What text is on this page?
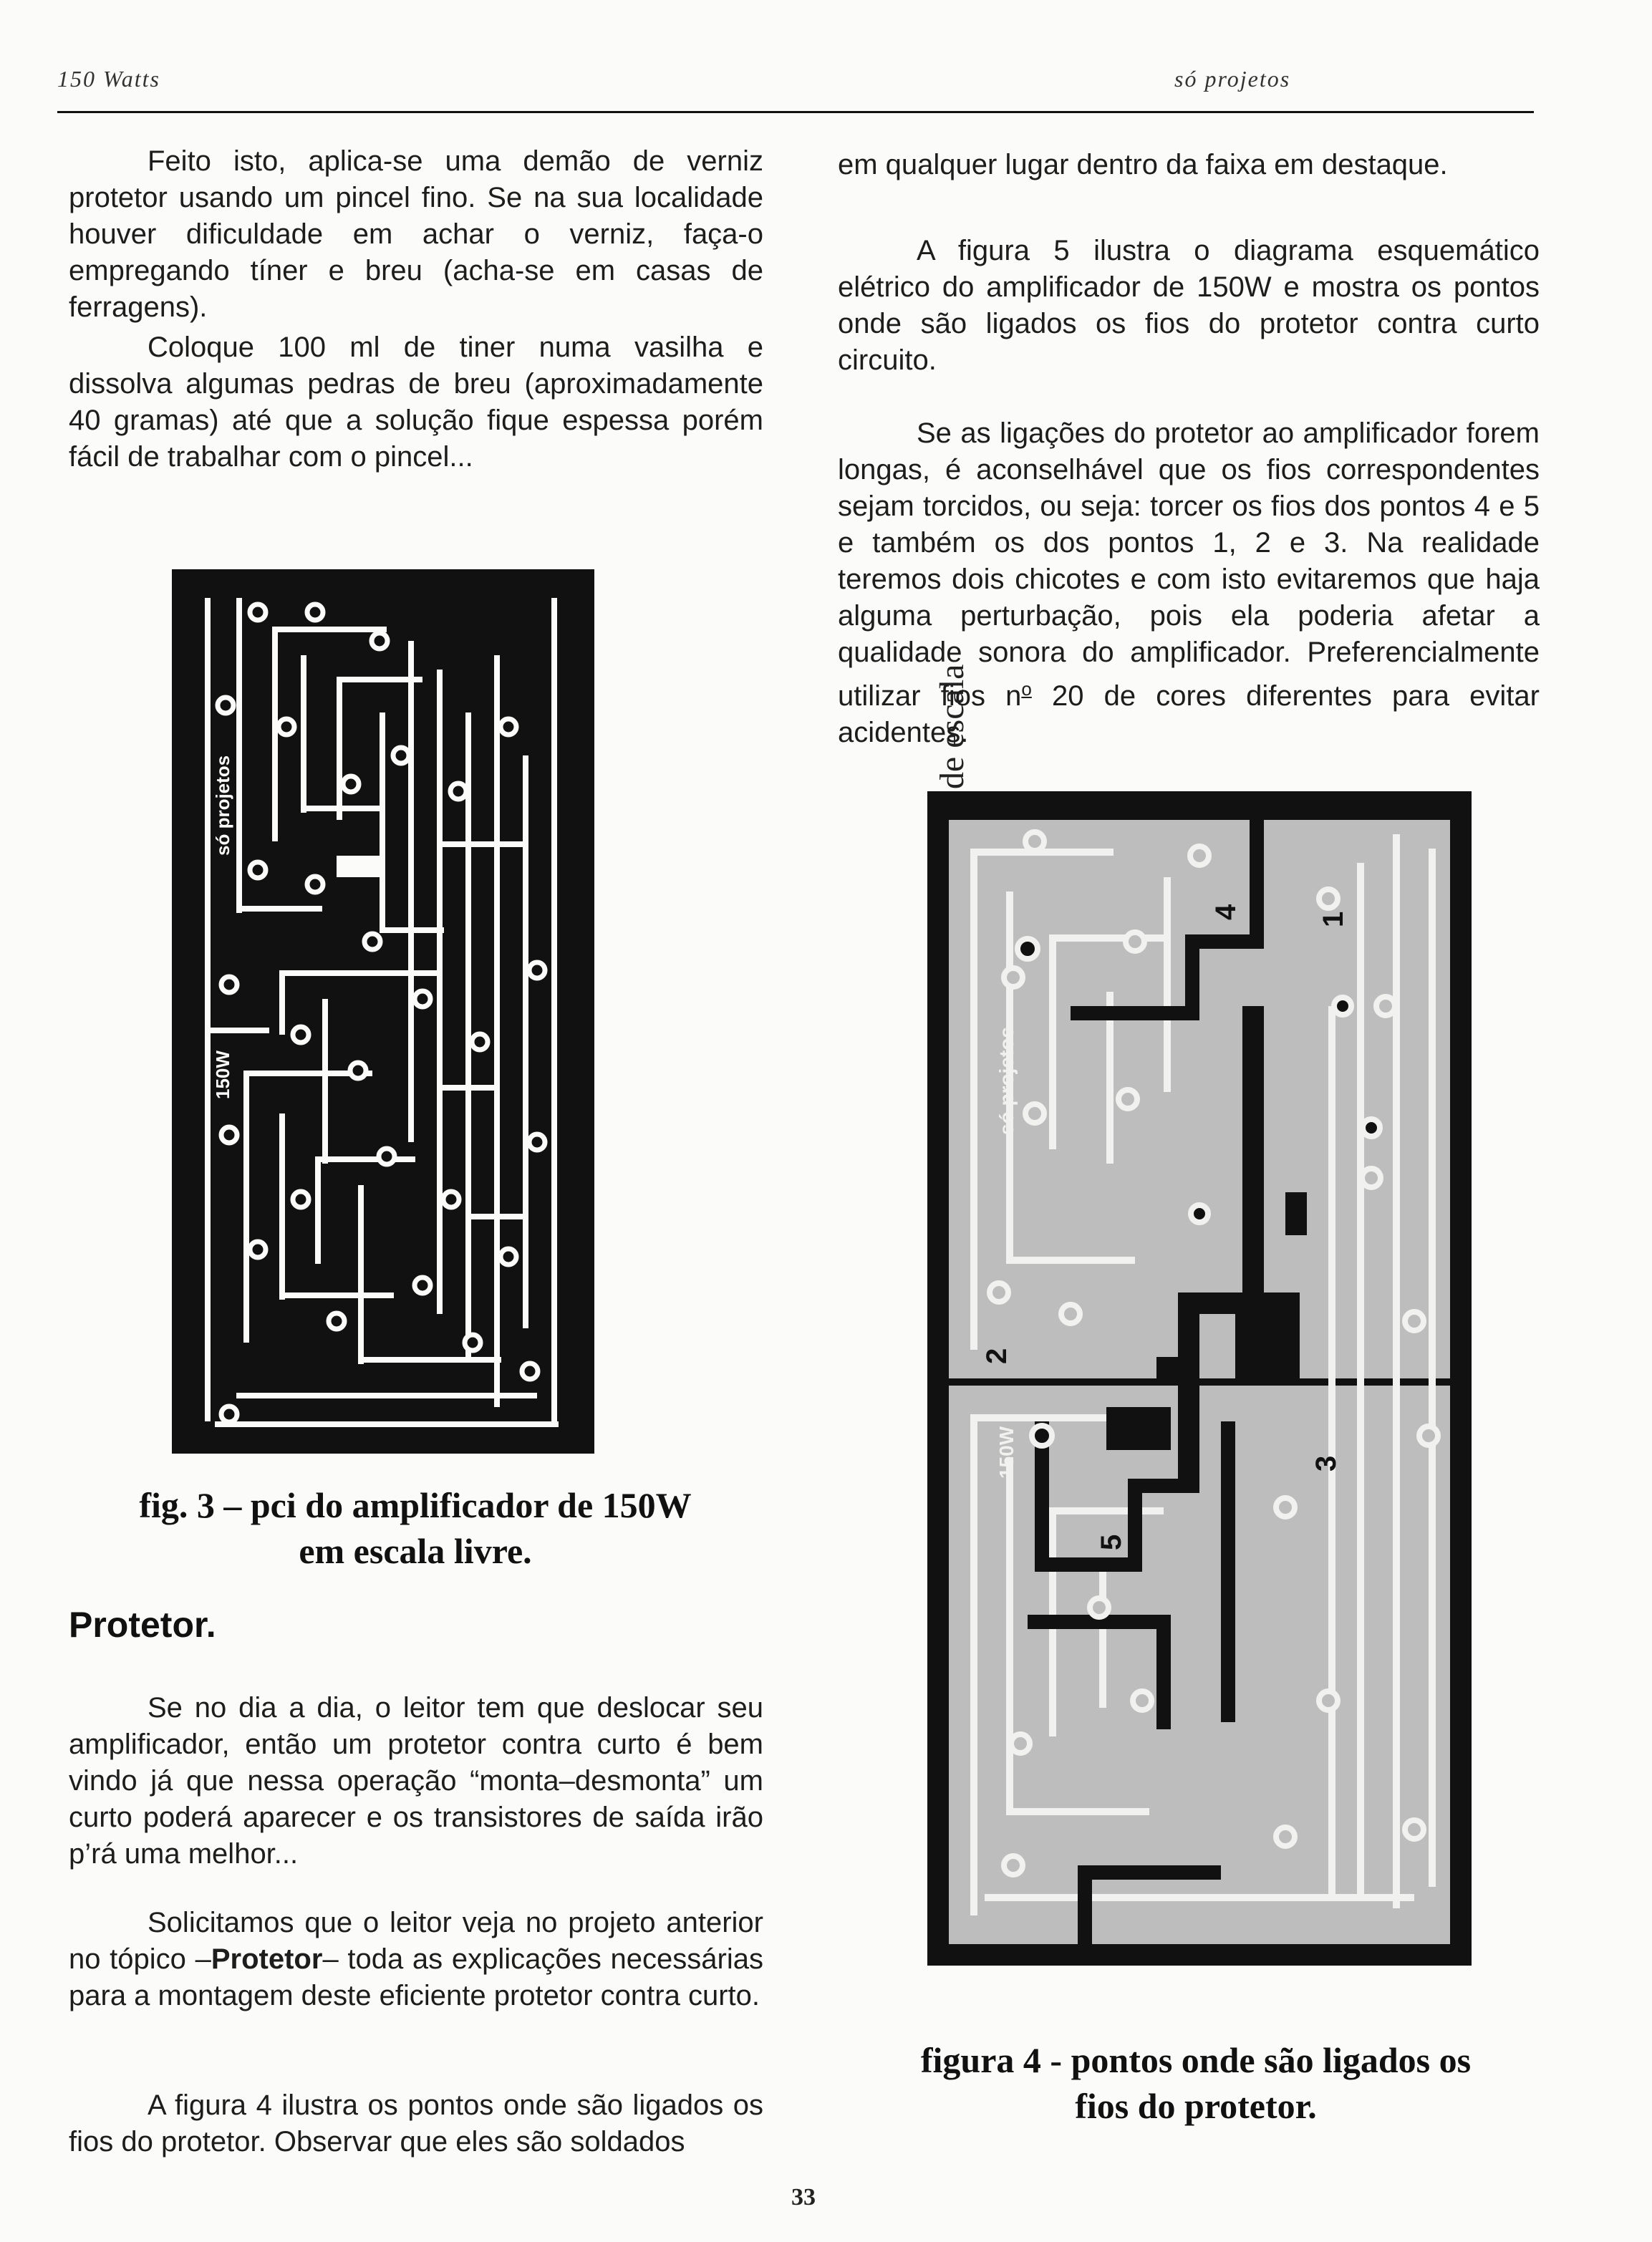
150 Watts	só projetos

Feito isto, aplica-se uma demão de verniz protetor usando um pincel fino. Se na sua localidade houver dificuldade em achar o verniz, faça-o empregando tíner e breu (acha-se em casas de ferragens).

Coloque 100 ml de tiner numa vasilha e dissolva algumas pedras de breu (aproximadamente 40 gramas) até que a solução fique espessa porém fácil de trabalhar com o pincel...

só projetos
150W
de escala

fig. 3 – pci do amplificador de 150W

em escala livre.

Protetor.

Se no dia a dia, o leitor tem que deslocar seu amplificador, então um protetor contra curto é bem vindo já que nessa operação “monta–desmonta” um curto poderá aparecer e os transistores de saída irão p’rá uma melhor...

Solicitamos que o leitor veja no projeto anterior no tópico –Protetor– toda as explicações necessárias para a montagem deste eficiente protetor contra curto.

A figura 4 ilustra os pontos onde são ligados os fios do protetor. Observar que eles são soldados

em qualquer lugar dentro da faixa em destaque.

A figura 5 ilustra o diagrama esquemático elétrico do amplificador de 150W e mostra os pontos onde são ligados os fios do protetor contra curto circuito.

Se as ligações do protetor ao amplificador forem longas, é aconselhável que os fios correspondentes sejam torcidos, ou seja: torcer os fios dos pontos 4 e 5 e também os dos pontos 1, 2 e 3. Na realidade teremos dois chicotes e com isto evitaremos que haja alguma perturbação, pois ela poderia afetar a qualidade sonora do amplificador. Preferencialmente utilizar fios $n^o$ 20 de cores diferentes para evitar acidentes.

só projetos
150W
1
2
3
4
5

figura 4 - pontos onde são ligados os

fios do protetor.

33
